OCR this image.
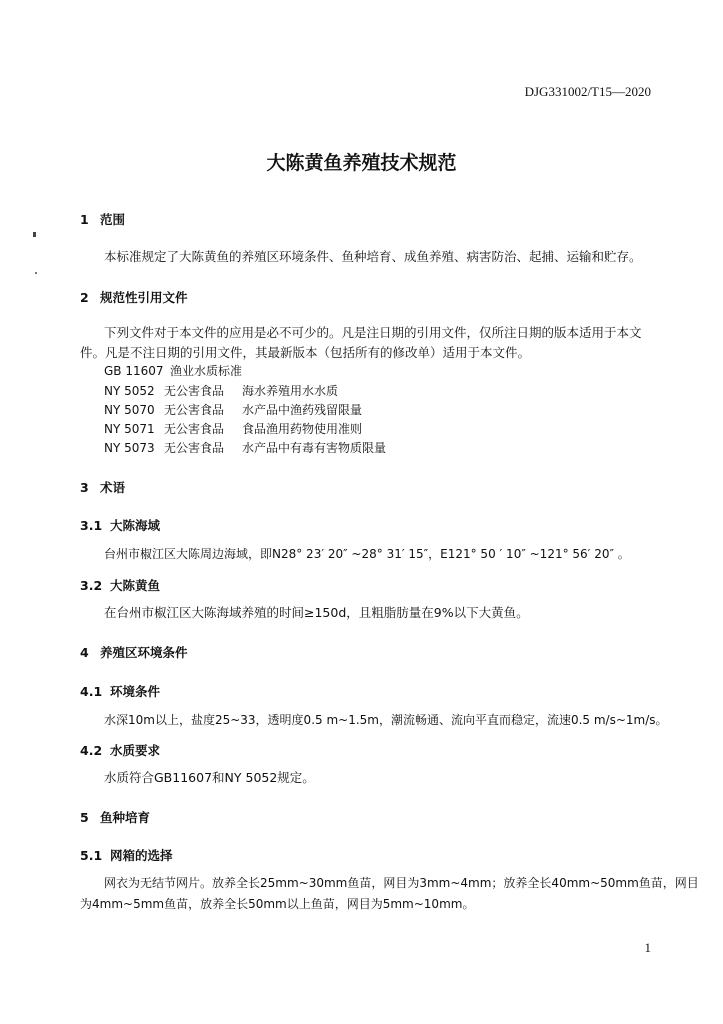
DJG331002/T15—2020
大陈黄鱼养殖技术规范
1 范围
本标准规定了大陈黄鱼的养殖区环境条件、鱼种培育、成鱼养殖、病害防治、起捕、运输和贮存。
2 规范性引用文件
下列文件对于本文件的应用是必不可少的。凡是注日期的引用文件，仅所注日期的版本适用于本文
件。凡是不注日期的引用文件，其最新版本（包括所有的修改单）适用于本文件。
GB 11607 渔业水质标准
NY 5052 无公害食品 海水养殖用水水质
NY 5070 无公害食品 水产品中渔药残留限量
NY 5071 无公害食品 食品渔用药物使用准则
NY 5073 无公害食品 水产品中有毒有害物质限量
3 术语
3.1 大陈海域
台州市椒江区大陈周边海域，即N28° 23′ 20″ ~28° 31′ 15″，E121° 50 ′ 10″ ~121° 56′ 20″ 。
3.2 大陈黄鱼
在台州市椒江区大陈海域养殖的时间≥150d，且粗脂肪量在9%以下大黄鱼。
4 养殖区环境条件
4.1 环境条件
水深10m以上，盐度25~33，透明度0.5 m~1.5m，潮流畅通、流向平直而稳定，流速0.5 m/s~1m/s。
4.2 水质要求
水质符合GB11607和NY 5052规定。
5 鱼种培育
5.1 网箱的选择
网衣为无结节网片。放养全长25mm~30mm鱼苗，网目为3mm~4mm；放养全长40mm~50mm鱼苗，网目
为4mm~5mm鱼苗，放养全长50mm以上鱼苗，网目为5mm~10mm。
1
